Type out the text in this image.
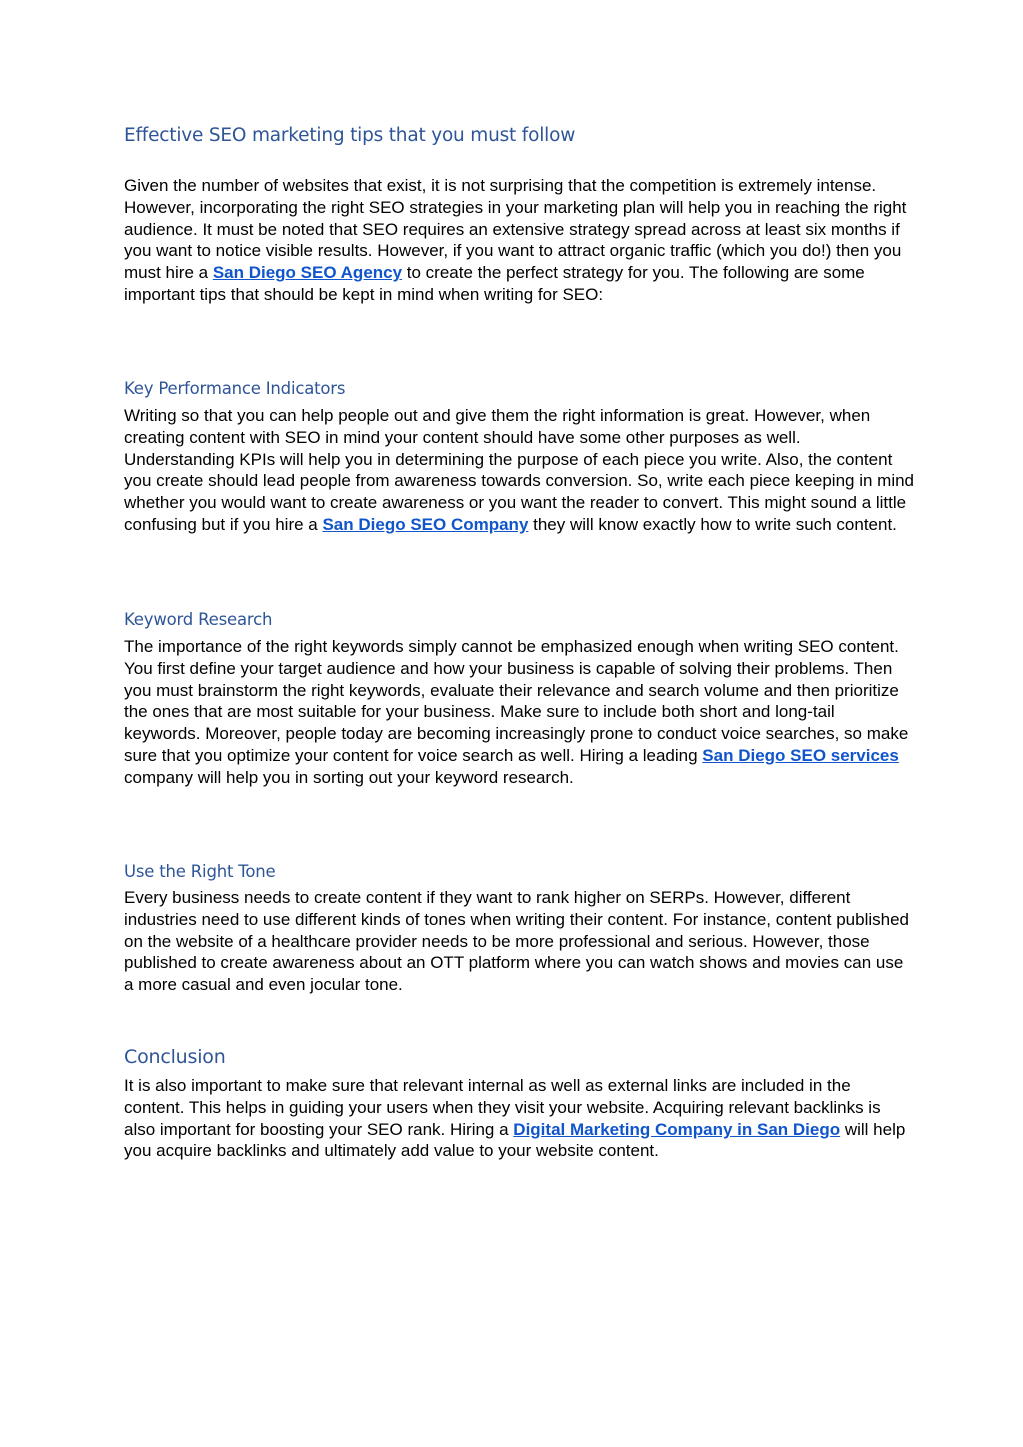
Effective SEO marketing tips that you must follow

Given the number of websites that exist, it is not surprising that the competition is extremely intense. However, incorporating the right SEO strategies in your marketing plan will help you in reaching the right audience. It must be noted that SEO requires an extensive strategy spread across at least six months if you want to notice visible results. However, if you want to attract organic traffic (which you do!) then you must hire a San Diego SEO Agency to create the perfect strategy for you. The following are some important tips that should be kept in mind when writing for SEO:

Key Performance Indicators

Writing so that you can help people out and give them the right information is great. However, when creating content with SEO in mind your content should have some other purposes as well. Understanding KPIs will help you in determining the purpose of each piece you write. Also, the content you create should lead people from awareness towards conversion. So, write each piece keeping in mind whether you would want to create awareness or you want the reader to convert. This might sound a little confusing but if you hire a San Diego SEO Company they will know exactly how to write such content.

Keyword Research

The importance of the right keywords simply cannot be emphasized enough when writing SEO content. You first define your target audience and how your business is capable of solving their problems. Then you must brainstorm the right keywords, evaluate their relevance and search volume and then prioritize the ones that are most suitable for your business. Make sure to include both short and long-tail keywords. Moreover, people today are becoming increasingly prone to conduct voice searches, so make sure that you optimize your content for voice search as well. Hiring a leading San Diego SEO services company will help you in sorting out your keyword research.

Use the Right Tone

Every business needs to create content if they want to rank higher on SERPs. However, different industries need to use different kinds of tones when writing their content. For instance, content published on the website of a healthcare provider needs to be more professional and serious. However, those published to create awareness about an OTT platform where you can watch shows and movies can use a more casual and even jocular tone.

Conclusion

It is also important to make sure that relevant internal as well as external links are included in the content. This helps in guiding your users when they visit your website. Acquiring relevant backlinks is also important for boosting your SEO rank. Hiring a Digital Marketing Company in San Diego will help you acquire backlinks and ultimately add value to your website content.
